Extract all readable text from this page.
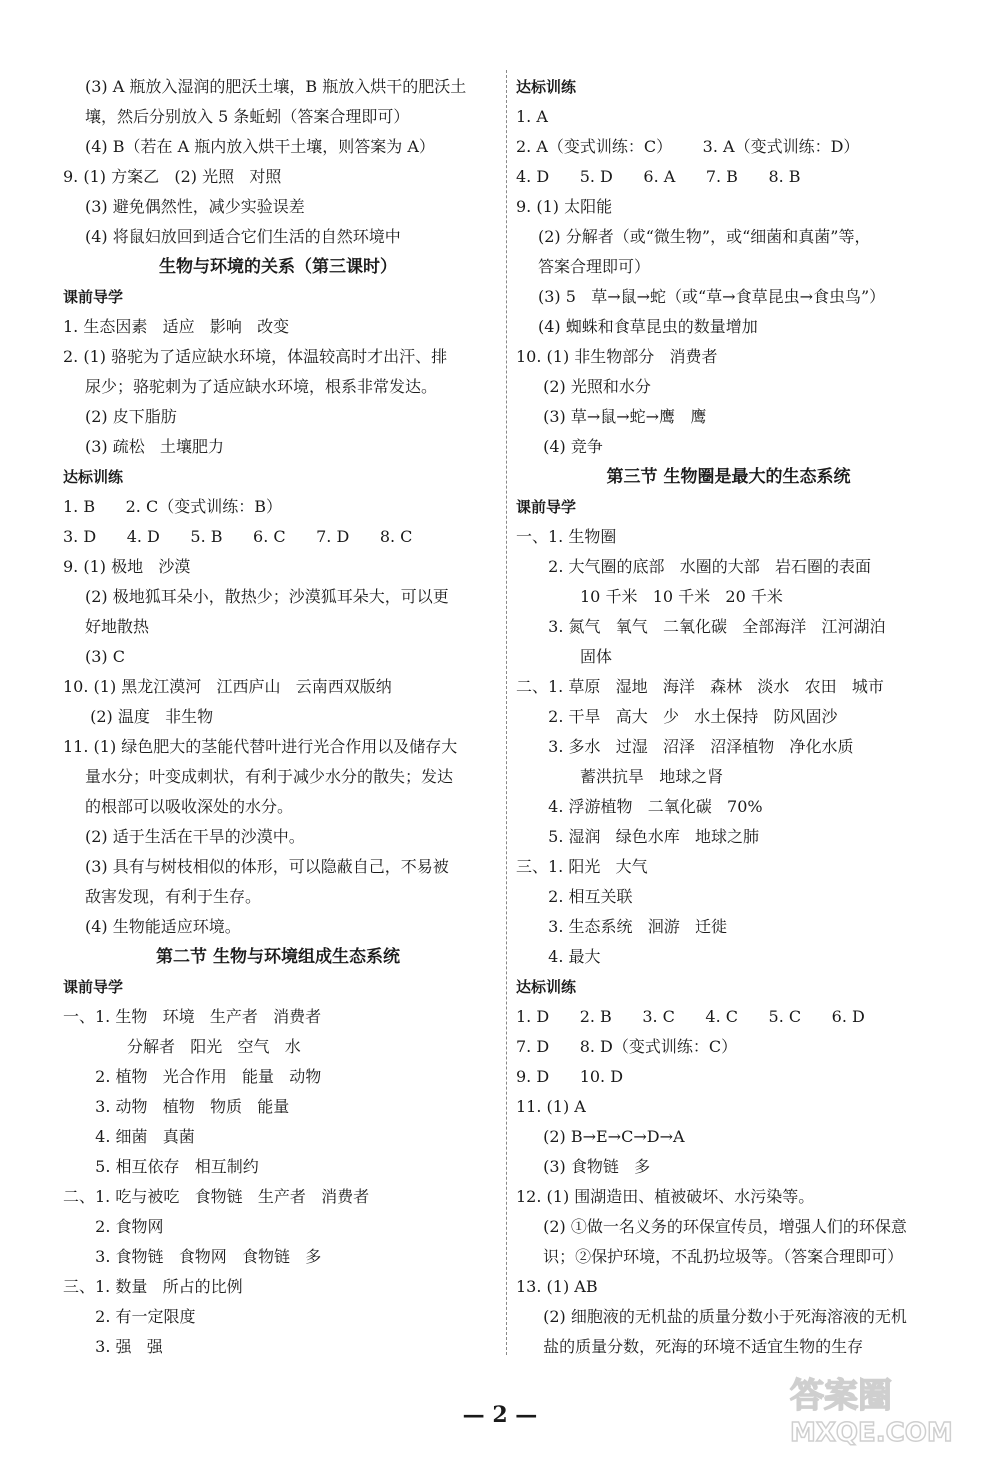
(3) A 瓶放入湿润的肥沃土壤，B 瓶放入烘干的肥沃土
壤，然后分别放入 5 条蚯蚓（答案合理即可）
(4) B（若在 A 瓶内放入烘干土壤，则答案为 A）
9. (1) 方案乙   (2) 光照   对照
(3) 避免偶然性，减少实验误差
(4) 将鼠妇放回到适合它们生活的自然环境中
生物与环境的关系（第三课时）
课前导学
1. 生态因素   适应   影响   改变
2. (1) 骆驼为了适应缺水环境，体温较高时才出汗、排
尿少；骆驼刺为了适应缺水环境，根系非常发达。
(2) 皮下脂肪
(3) 疏松   土壤肥力
达标训练
1. B      2. C（变式训练：B）
3. D      4. D      5. B      6. C      7. D      8. C
9. (1) 极地   沙漠
(2) 极地狐耳朵小，散热少；沙漠狐耳朵大，可以更
好地散热
(3) C
10. (1) 黑龙江漠河   江西庐山   云南西双版纳
(2) 温度   非生物
11. (1) 绿色肥大的茎能代替叶进行光合作用以及储存大
量水分；叶变成刺状，有利于减少水分的散失；发达
的根部可以吸收深处的水分。
(2) 适于生活在干旱的沙漠中。
(3) 具有与树枝相似的体形，可以隐蔽自己，不易被
敌害发现，有利于生存。
(4) 生物能适应环境。
第二节 生物与环境组成生态系统
课前导学
一、1. 生物   环境   生产者   消费者
分解者   阳光   空气   水
2. 植物   光合作用   能量   动物
3. 动物   植物   物质   能量
4. 细菌   真菌
5. 相互依存   相互制约
二、1. 吃与被吃   食物链   生产者   消费者
2. 食物网
3. 食物链   食物网   食物链   多
三、1. 数量   所占的比例
2. 有一定限度
3. 强   强
达标训练
1. A
2. A（变式训练：C）      3. A（变式训练：D）
4. D      5. D      6. A      7. B      8. B
9. (1) 太阳能
(2) 分解者（或“微生物”，或“细菌和真菌”等，
答案合理即可）
(3) 5   草→鼠→蛇（或“草→食草昆虫→食虫鸟”）
(4) 蜘蛛和食草昆虫的数量增加
10. (1) 非生物部分   消费者
(2) 光照和水分
(3) 草→鼠→蛇→鹰   鹰
(4) 竞争
第三节 生物圈是最大的生态系统
课前导学
一、1. 生物圈
2. 大气圈的底部   水圈的大部   岩石圈的表面
10 千米   10 千米   20 千米
3. 氮气   氧气   二氧化碳   全部海洋   江河湖泊
固体
二、1. 草原   湿地   海洋   森林   淡水   农田   城市
2. 干旱   高大   少   水土保持   防风固沙
3. 多水   过湿   沼泽   沼泽植物   净化水质
蓄洪抗旱   地球之肾
4. 浮游植物   二氧化碳   70%
5. 湿润   绿色水库   地球之肺
三、1. 阳光   大气
2. 相互关联
3. 生态系统   洄游   迁徙
4. 最大
达标训练
1. D      2. B      3. C      4. C      5. C      6. D
7. D      8. D（变式训练：C）
9. D      10. D
11. (1) A
(2) B→E→C→D→A
(3) 食物链   多
12. (1) 围湖造田、植被破坏、水污染等。
(2) ①做一名义务的环保宣传员，增强人们的环保意
识；②保护环境，不乱扔垃圾等。（答案合理即可）
13. (1) AB
(2) 细胞液的无机盐的质量分数小于死海溶液的无机
盐的质量分数，死海的环境不适宜生物的生存
— 2 —	答案圈
MXQE.COM
